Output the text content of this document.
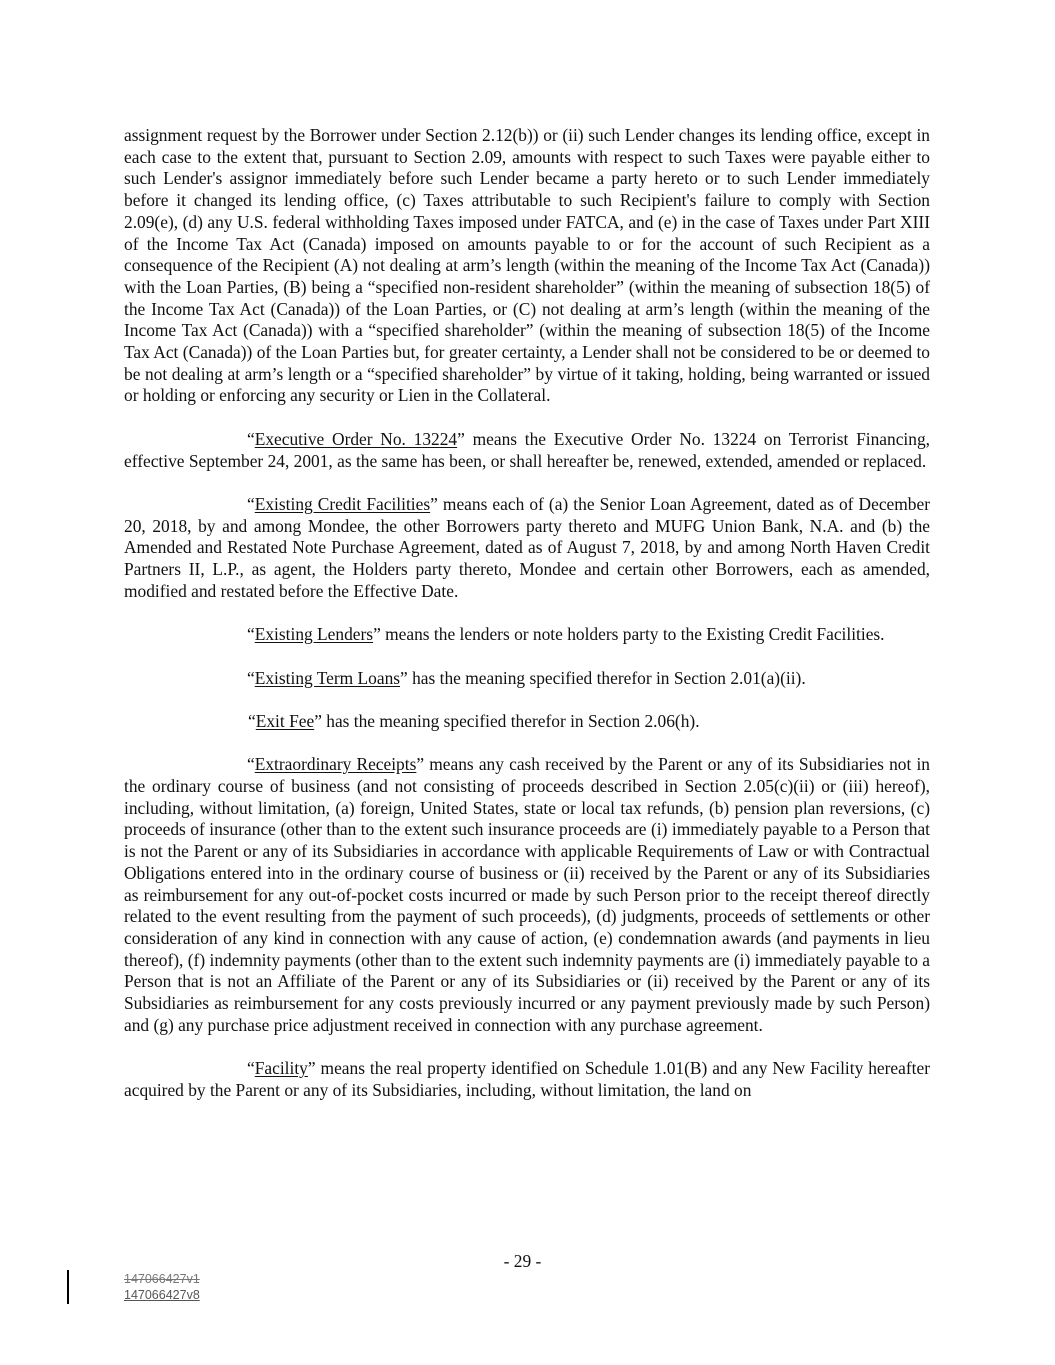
assignment request by the Borrower under Section 2.12(b)) or (ii) such Lender changes its lending office, except in each case to the extent that, pursuant to Section 2.09, amounts with respect to such Taxes were payable either to such Lender's assignor immediately before such Lender became a party hereto or to such Lender immediately before it changed its lending office, (c) Taxes attributable to such Recipient's failure to comply with Section 2.09(e), (d) any U.S. federal withholding Taxes imposed under FATCA, and (e) in the case of Taxes under Part XIII of the Income Tax Act (Canada) imposed on amounts payable to or for the account of such Recipient as a consequence of the Recipient (A) not dealing at arm’s length (within the meaning of the Income Tax Act (Canada)) with the Loan Parties, (B) being a “specified non-resident shareholder” (within the meaning of subsection 18(5) of the Income Tax Act (Canada)) of the Loan Parties, or (C) not dealing at arm’s length (within the meaning of the Income Tax Act (Canada)) with a “specified shareholder” (within the meaning of subsection 18(5) of the Income Tax Act (Canada)) of the Loan Parties but, for greater certainty, a Lender shall not be considered to be or deemed to be not dealing at arm’s length or a “specified shareholder” by virtue of it taking, holding, being warranted or issued or holding or enforcing any security or Lien in the Collateral.

“Executive Order No. 13224” means the Executive Order No. 13224 on Terrorist Financing, effective September 24, 2001, as the same has been, or shall hereafter be, renewed, extended, amended or replaced.

“Existing Credit Facilities” means each of (a) the Senior Loan Agreement, dated as of December 20, 2018, by and among Mondee, the other Borrowers party thereto and MUFG Union Bank, N.A. and (b) the Amended and Restated Note Purchase Agreement, dated as of August 7, 2018, by and among North Haven Credit Partners II, L.P., as agent, the Holders party thereto, Mondee and certain other Borrowers, each as amended, modified and restated before the Effective Date.

“Existing Lenders” means the lenders or note holders party to the Existing Credit Facilities.

“Existing Term Loans” has the meaning specified therefor in Section 2.01(a)(ii).

“Exit Fee” has the meaning specified therefor in Section 2.06(h).

“Extraordinary Receipts” means any cash received by the Parent or any of its Subsidiaries not in the ordinary course of business (and not consisting of proceeds described in Section 2.05(c)(ii) or (iii) hereof), including, without limitation, (a) foreign, United States, state or local tax refunds, (b) pension plan reversions, (c) proceeds of insurance (other than to the extent such insurance proceeds are (i) immediately payable to a Person that is not the Parent or any of its Subsidiaries in accordance with applicable Requirements of Law or with Contractual Obligations entered into in the ordinary course of business or (ii) received by the Parent or any of its Subsidiaries as reimbursement for any out-of-pocket costs incurred or made by such Person prior to the receipt thereof directly related to the event resulting from the payment of such proceeds), (d) judgments, proceeds of settlements or other consideration of any kind in connection with any cause of action, (e) condemnation awards (and payments in lieu thereof), (f) indemnity payments (other than to the extent such indemnity payments are (i) immediately payable to a Person that is not an Affiliate of the Parent or any of its Subsidiaries or (ii) received by the Parent or any of its Subsidiaries as reimbursement for any costs previously incurred or any payment previously made by such Person) and (g) any purchase price adjustment received in connection with any purchase agreement.

“Facility” means the real property identified on Schedule 1.01(B) and any New Facility hereafter acquired by the Parent or any of its Subsidiaries, including, without limitation, the land on

- 29 -
147066427v1
147066427v8
